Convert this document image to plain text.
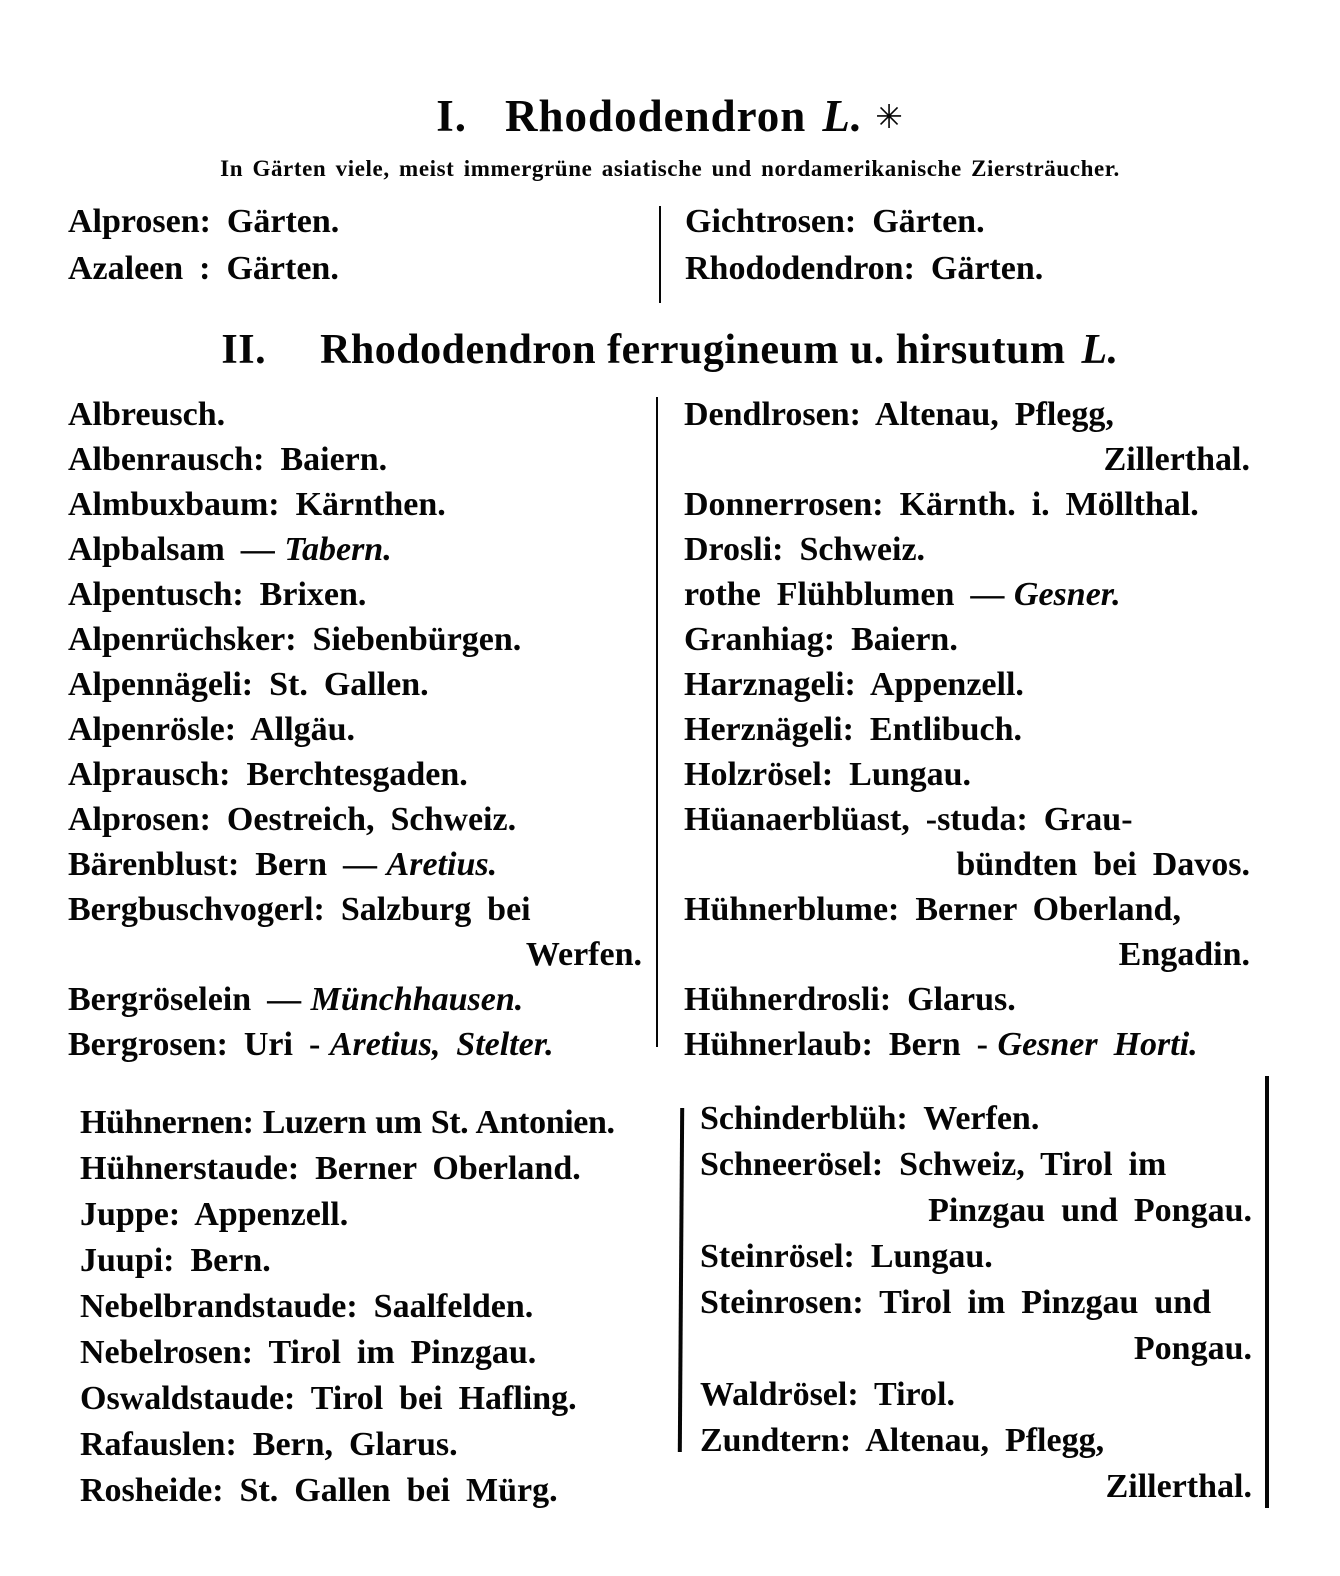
I. Rhododendron L. ✳

In Gärten viele, meist immergrüne asiatische und nordamerikanische Ziersträucher.

Alprosen: Gärten.
Azaleen : Gärten.
Gichtrosen: Gärten.
Rhododendron: Gärten.
II. Rhododendron ferrugineum u. hirsutum L.
Albreusch.
Albenrausch: Baiern.
Almbuxbaum: Kärnthen.
Alpbalsam — Tabern.
Alpentusch: Brixen.
Alpenrüchsker: Siebenbürgen.
Alpennägeli: St. Gallen.
Alpenrösle: Allgäu.
Alprausch: Berchtesgaden.
Alprosen: Oestreich, Schweiz.
Bärenblust: Bern — Aretius.
Bergbuschvogerl: Salzburg bei
Werfen.
Bergröselein — Münchhausen.
Bergrosen: Uri - Aretius, Stelter.
Dendlrosen: Altenau, Pflegg,
Zillerthal.
Donnerrosen: Kärnth. i. Möllthal.
Drosli: Schweiz.
rothe Flühblumen — Gesner.
Granhiag: Baiern.
Harznageli: Appenzell.
Herznägeli: Entlibuch.
Holzrösel: Lungau.
Hüanaerblüast, -studa: Grau-
bündten bei Davos.
Hühnerblume: Berner Oberland,
Engadin.
Hühnerdrosli: Glarus.
Hühnerlaub: Bern - Gesner Horti.
Hühnernen: Luzern um St. Antonien.
Hühnerstaude: Berner Oberland.
Juppe: Appenzell.
Juupi: Bern.
Nebelbrandstaude: Saalfelden.
Nebelrosen: Tirol im Pinzgau.
Oswaldstaude: Tirol bei Hafling.
Rafauslen: Bern, Glarus.
Rosheide: St. Gallen bei Mürg.
Schinderblüh: Werfen.
Schneerösel: Schweiz, Tirol im
Pinzgau und Pongau.
Steinrösel: Lungau.
Steinrosen: Tirol im Pinzgau und
Pongau.
Waldrösel: Tirol.
Zundtern: Altenau, Pflegg,
Zillerthal.
